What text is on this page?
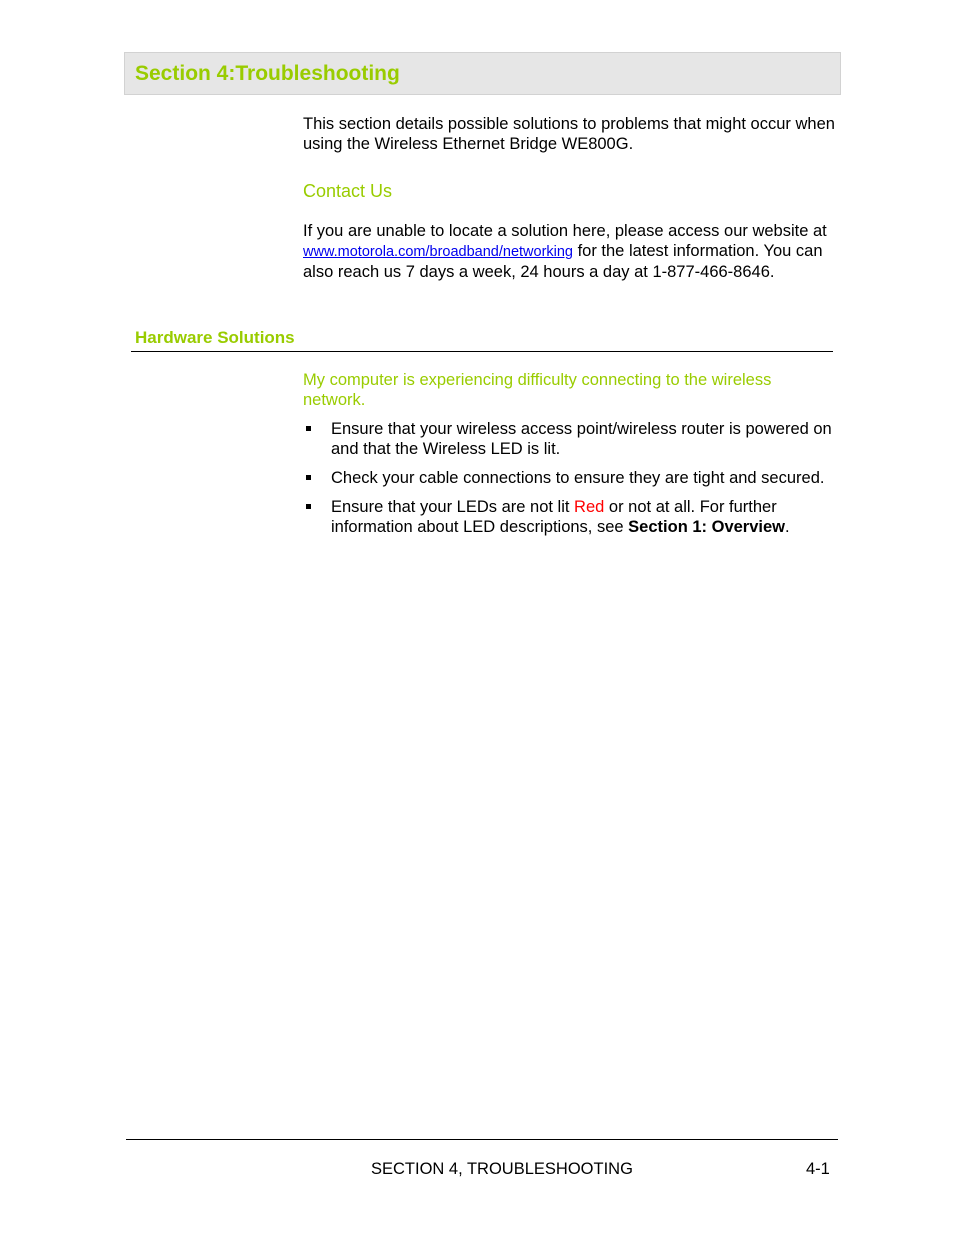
Section 4:Troubleshooting

This section details possible solutions to problems that might occur when using the Wireless Ethernet Bridge WE800G.

Contact Us

If you are unable to locate a solution here, please access our website at www.motorola.com/broadband/networking for the latest information. You can also reach us 7 days a week, 24 hours a day at 1-877-466-8646.

Hardware Solutions

My computer is experiencing difficulty connecting to the wireless network.

Ensure that your wireless access point/wireless router is powered on and that the Wireless LED is lit.
Check your cable connections to ensure they are tight and secured.
Ensure that your LEDs are not lit Red or not at all. For further information about LED descriptions, see Section 1: Overview.
SECTION 4, TROUBLESHOOTING	4-1
